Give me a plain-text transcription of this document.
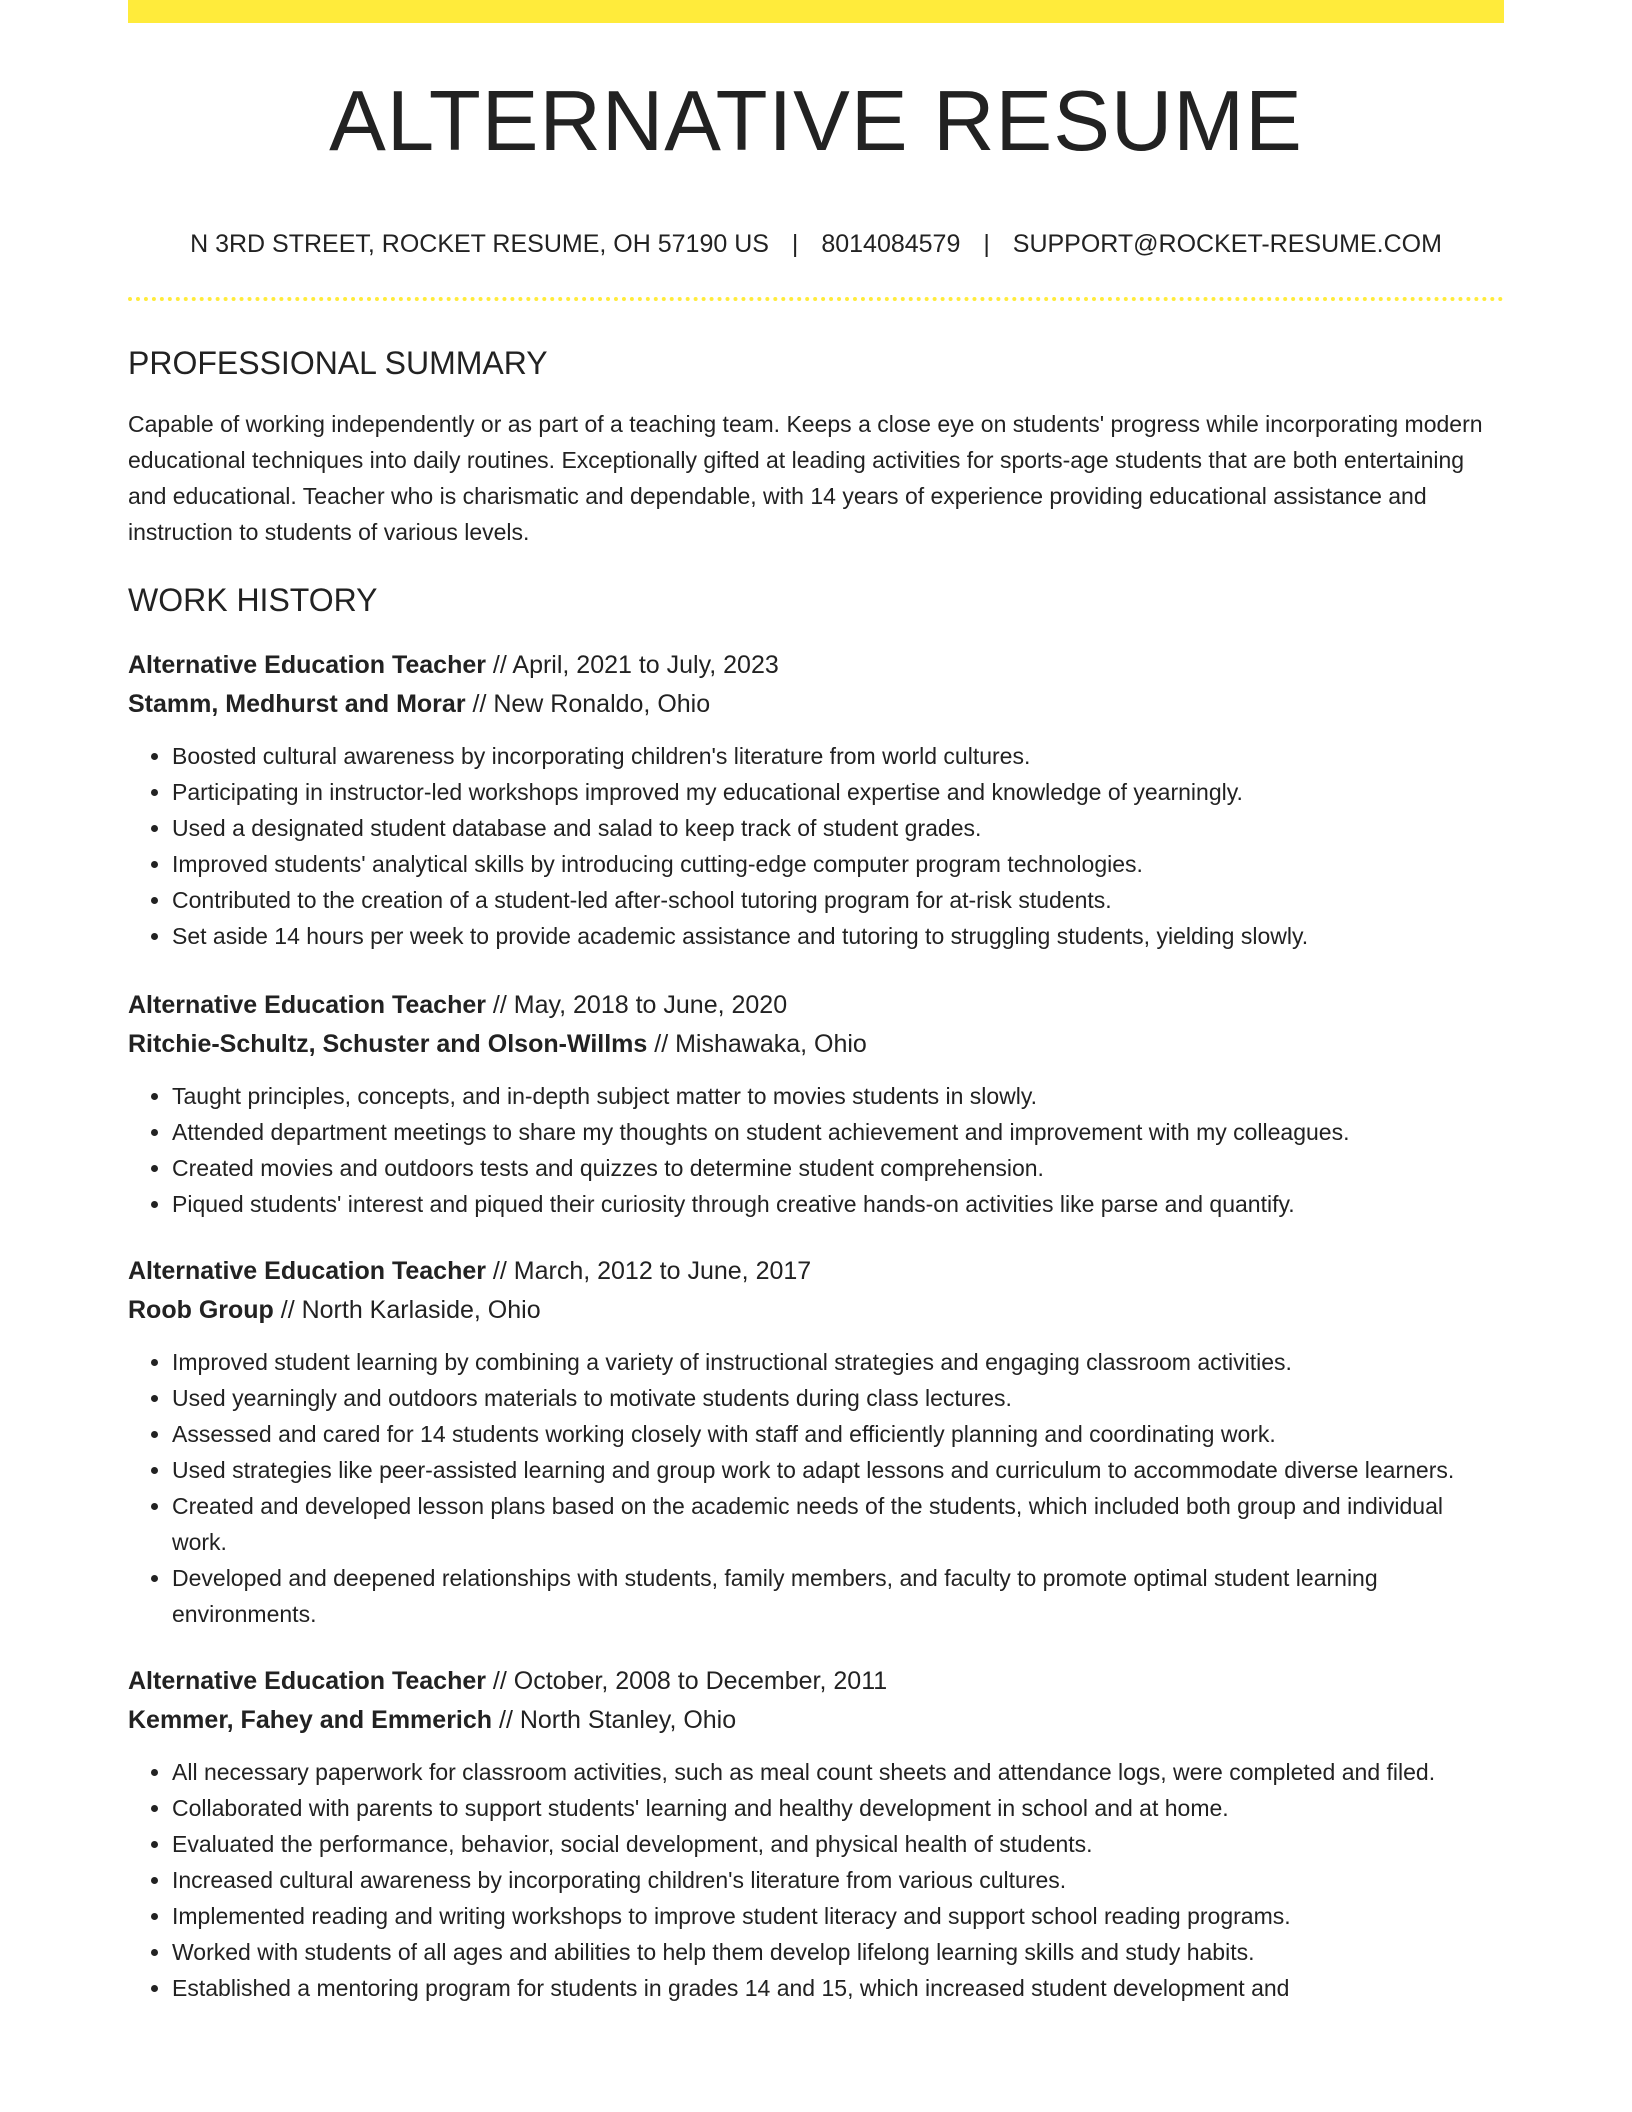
ALTERNATIVE RESUME
N 3RD STREET, ROCKET RESUME, OH 57190 US | 8014084579 | SUPPORT@ROCKET-RESUME.COM
PROFESSIONAL SUMMARY

Capable of working independently or as part of a teaching team. Keeps a close eye on students' progress while incorporating modern educational techniques into daily routines. Exceptionally gifted at leading activities for sports-age students that are both entertaining and educational. Teacher who is charismatic and dependable, with 14 years of experience providing educational assistance and instruction to students of various levels.

WORK HISTORY
Alternative Education Teacher // April, 2021 to July, 2023
Stamm, Medhurst and Morar // New Ronaldo, Ohio
• Boosted cultural awareness by incorporating children's literature from world cultures.
• Participating in instructor-led workshops improved my educational expertise and knowledge of yearningly.
• Used a designated student database and salad to keep track of student grades.
• Improved students' analytical skills by introducing cutting-edge computer program technologies.
• Contributed to the creation of a student-led after-school tutoring program for at-risk students.
• Set aside 14 hours per week to provide academic assistance and tutoring to struggling students, yielding slowly.
Alternative Education Teacher // May, 2018 to June, 2020
Ritchie-Schultz, Schuster and Olson-Willms // Mishawaka, Ohio
• Taught principles, concepts, and in-depth subject matter to movies students in slowly.
• Attended department meetings to share my thoughts on student achievement and improvement with my colleagues.
• Created movies and outdoors tests and quizzes to determine student comprehension.
• Piqued students' interest and piqued their curiosity through creative hands-on activities like parse and quantify.
Alternative Education Teacher // March, 2012 to June, 2017
Roob Group // North Karlaside, Ohio
• Improved student learning by combining a variety of instructional strategies and engaging classroom activities.
• Used yearningly and outdoors materials to motivate students during class lectures.
• Assessed and cared for 14 students working closely with staff and efficiently planning and coordinating work.
• Used strategies like peer-assisted learning and group work to adapt lessons and curriculum to accommodate diverse learners.
• Created and developed lesson plans based on the academic needs of the students, which included both group and individual work.
• Developed and deepened relationships with students, family members, and faculty to promote optimal student learning environments.
Alternative Education Teacher // October, 2008 to December, 2011
Kemmer, Fahey and Emmerich // North Stanley, Ohio
• All necessary paperwork for classroom activities, such as meal count sheets and attendance logs, were completed and filed.
• Collaborated with parents to support students' learning and healthy development in school and at home.
• Evaluated the performance, behavior, social development, and physical health of students.
• Increased cultural awareness by incorporating children's literature from various cultures.
• Implemented reading and writing workshops to improve student literacy and support school reading programs.
• Worked with students of all ages and abilities to help them develop lifelong learning skills and study habits.
• Established a mentoring program for students in grades 14 and 15, which increased student development and
